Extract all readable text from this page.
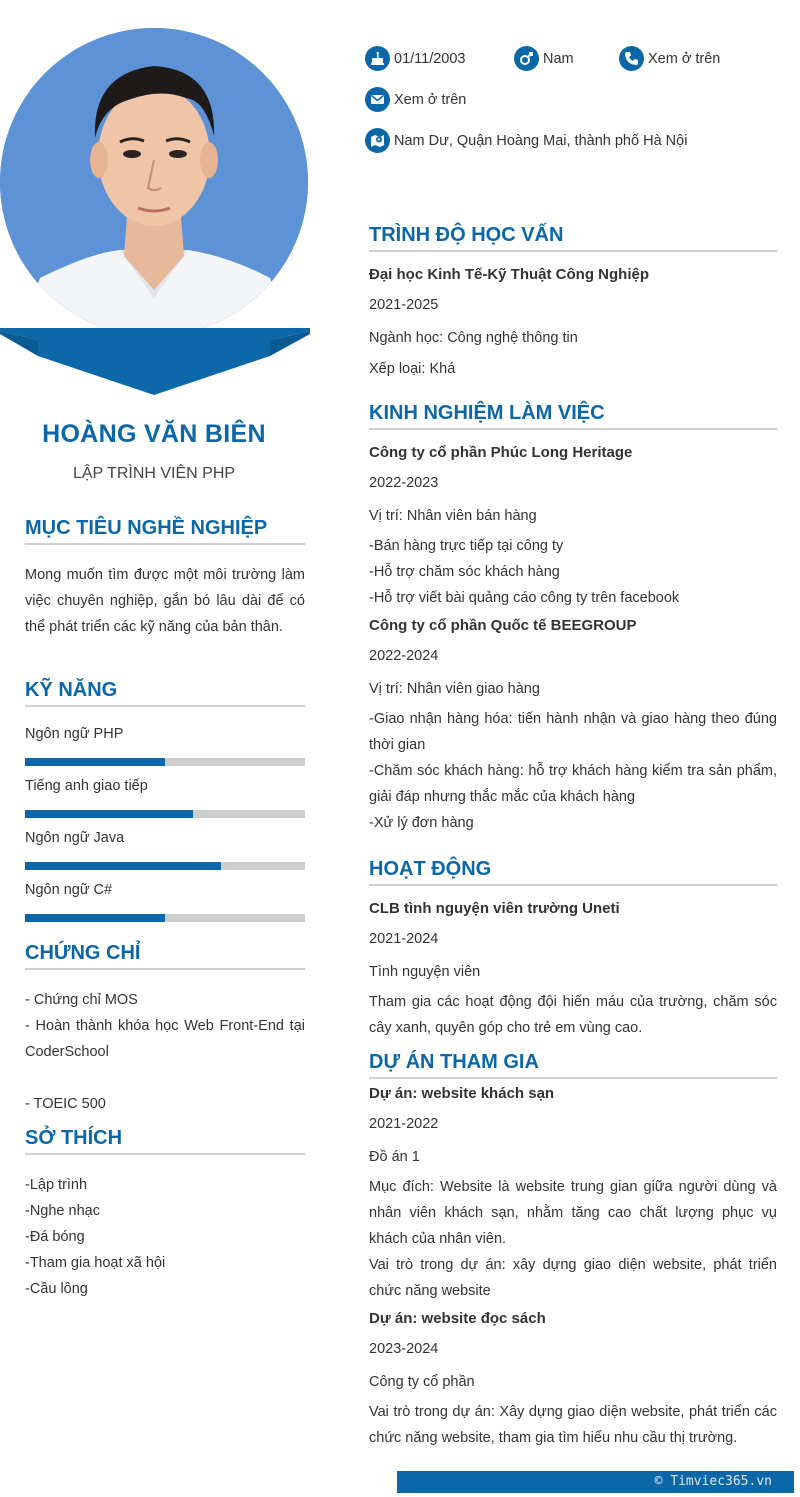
HOÀNG VĂN BIÊN
LẬP TRÌNH VIÊN PHP
MỤC TIÊU NGHỀ NGHIỆP
Mong muốn tìm được một môi trường làm việc chuyên nghiệp, gắn bó lâu dài để có thể phát triển các kỹ năng của bản thân.
KỸ NĂNG
Ngôn ngữ PHP
Tiếng anh giao tiếp
Ngôn ngữ Java
Ngôn ngữ C#
CHỨNG CHỈ
- Chứng chỉ MOS
- Hoàn thành khóa học Web Front-End tại CoderSchool
- TOEIC 500
SỞ THÍCH
-Lập trình
-Nghe nhạc
-Đá bóng
-Tham gia hoạt xã hội
-Cầu lông
01/11/2003	Nam	Xem ở trên
Xem ở trên
Nam Dư, Quận Hoàng Mai, thành phố Hà Nội
TRÌNH ĐỘ HỌC VẤN
Đại học Kinh Tế-Kỹ Thuật Công Nghiệp
2021-2025
Ngành học: Công nghệ thông tin
Xếp loại: Khá
KINH NGHIỆM LÀM VIỆC
Công ty cổ phần Phúc Long Heritage
2022-2023
Vị trí: Nhân viên bán hàng
-Bán hàng trực tiếp tại công ty
-Hỗ trợ chăm sóc khách hàng
-Hỗ trợ viết bài quảng cáo công ty trên facebook
Công ty cổ phần Quốc tế BEEGROUP
2022-2024
Vị trí: Nhân viên giao hàng
-Giao nhận hàng hóa: tiến hành nhận và giao hàng theo đúng thời gian
-Chăm sóc khách hàng: hỗ trợ khách hàng kiểm tra sản phẩm, giải đáp nhưng thắc mắc của khách hàng
-Xử lý đơn hàng
HOẠT ĐỘNG
CLB tình nguyện viên trường Uneti
2021-2024
Tình nguyện viên
Tham gia các hoạt động đội hiến máu của trường, chăm sóc cây xanh, quyên góp cho trẻ em vùng cao.
DỰ ÁN THAM GIA
Dự án: website khách sạn
2021-2022
Đồ án 1
Mục đích: Website là website trung gian giữa người dùng và nhân viên khách sạn, nhằm tăng cao chất lượng phục vụ khách của nhân viên.
Vai trò trong dự án: xây dựng giao diện website, phát triển chức năng website
Dự án: website đọc sách
2023-2024
Công ty cổ phần
Vai trò trong dự án: Xây dựng giao diện website, phát triển các chức năng website, tham gia tìm hiểu nhu cầu thị trường.
© Timviec365.vn
